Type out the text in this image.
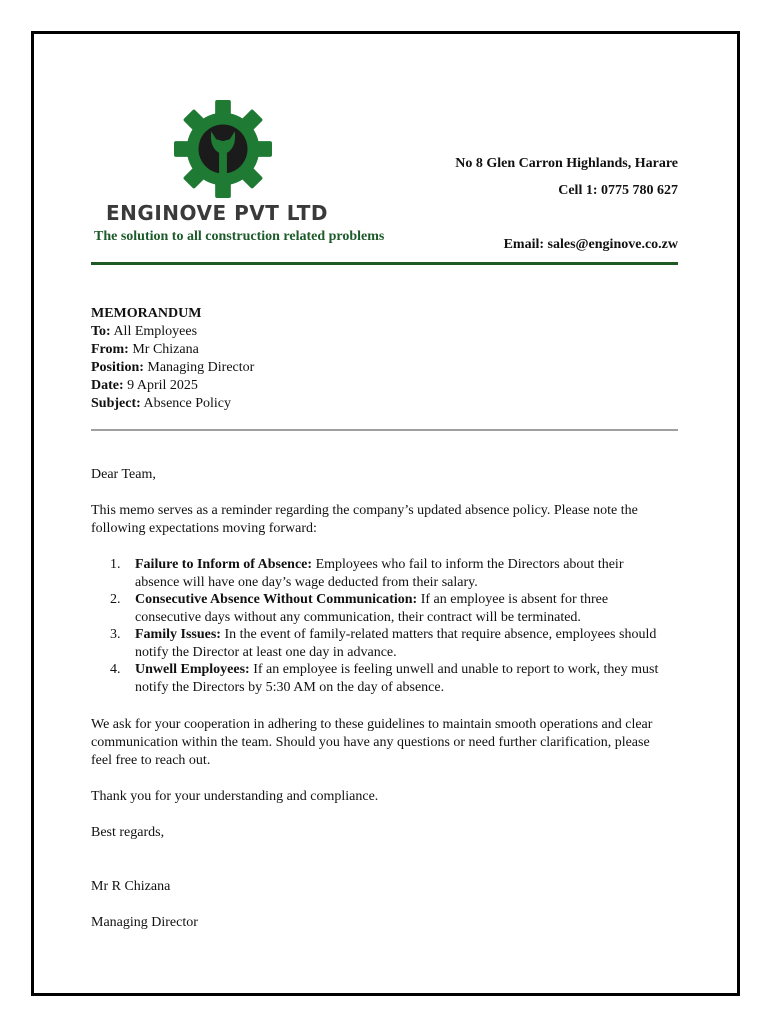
ENGINOVE PVT LTD
The solution to all construction related problems
No 8 Glen Carron Highlands, Harare
Cell 1: 0775 780 627
Email: sales@enginove.co.zw
MEMORANDUM
To: All Employees
From: Mr Chizana
Position: Managing Director
Date: 9 April 2025
Subject: Absence Policy
Dear Team,
This memo serves as a reminder regarding the company’s updated absence policy. Please note the following expectations moving forward:
1. Failure to Inform of Absence: Employees who fail to inform the Directors about their absence will have one day’s wage deducted from their salary.
2. Consecutive Absence Without Communication: If an employee is absent for three consecutive days without any communication, their contract will be terminated.
3. Family Issues: In the event of family-related matters that require absence, employees should notify the Director at least one day in advance.
4. Unwell Employees: If an employee is feeling unwell and unable to report to work, they must notify the Directors by 5:30 AM on the day of absence.
We ask for your cooperation in adhering to these guidelines to maintain smooth operations and clear communication within the team. Should you have any questions or need further clarification, please feel free to reach out.
Thank you for your understanding and compliance.
Best regards,
Mr R Chizana
Managing Director
